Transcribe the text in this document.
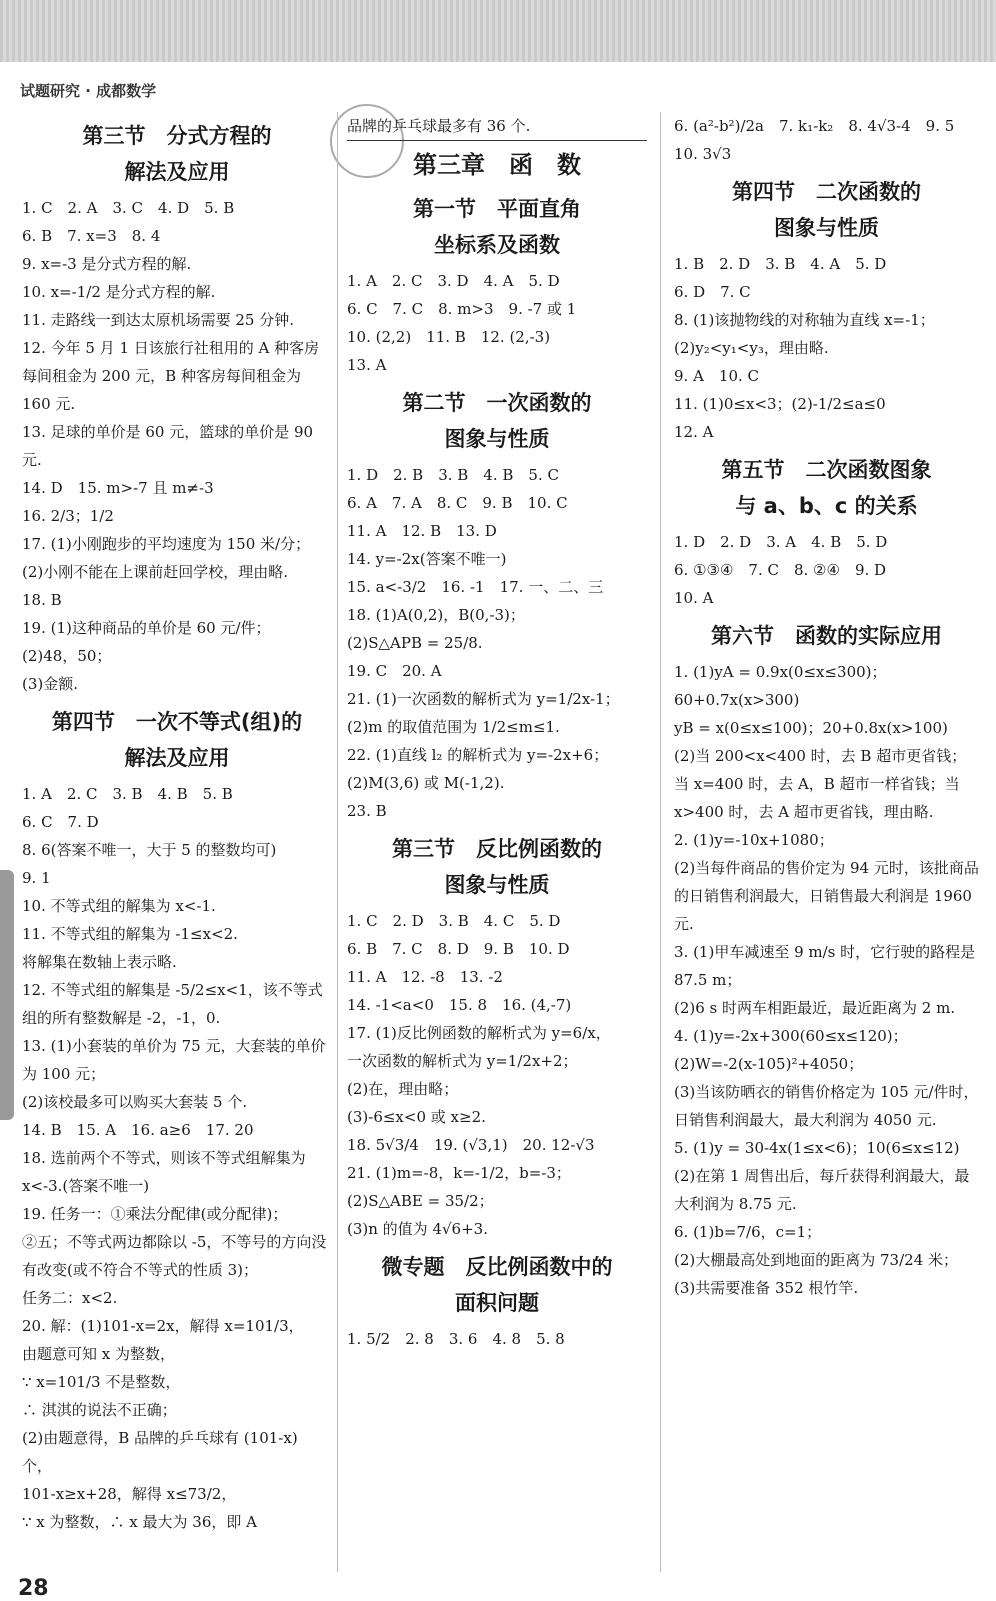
试题研究 · 成都数学
第三节　分式方程的
解法及应用
1. C　2. A　3. C　4. D　5. B
6. B　7. x=3　8. 4
9. x=-3 是分式方程的解.
10. x=-1/2 是分式方程的解.
11. 走路线一到达太原机场需要 25 分钟.
12. 今年 5 月 1 日该旅行社租用的 A 种客房每间租金为 200 元，B 种客房每间租金为 160 元.
13. 足球的单价是 60 元，篮球的单价是 90 元.
14. D　15. m>-7 且 m≠-3
16. 2/3；1/2
17. (1)小刚跑步的平均速度为 150 米/分；
(2)小刚不能在上课前赶回学校，理由略.
18. B
19. (1)这种商品的单价是 60 元/件；
(2)48，50；
(3)金额.
第四节　一次不等式(组)的
解法及应用
1. A　2. C　3. B　4. B　5. B
6. C　7. D
8. 6(答案不唯一，大于 5 的整数均可)
9. 1
10. 不等式组的解集为 x<-1.
11. 不等式组的解集为 -1≤x<2.
将解集在数轴上表示略.
12. 不等式组的解集是 -5/2≤x<1，该不等式组的所有整数解是 -2，-1，0.
13. (1)小套装的单价为 75 元，大套装的单价为 100 元；
(2)该校最多可以购买大套装 5 个.
14. B　15. A　16. a≥6　17. 20
18. 选前两个不等式，则该不等式组解集为 x<-3.(答案不唯一)
19. 任务一：①乘法分配律(或分配律)；
②五；不等式两边都除以 -5，不等号的方向没有改变(或不符合不等式的性质 3)；
任务二：x<2.
20. 解：(1)101-x=2x，解得 x=101/3，
由题意可知 x 为整数，
∵ x=101/3 不是整数，
∴ 淇淇的说法不正确；
(2)由题意得，B 品牌的乒乓球有 (101-x) 个，
101-x≥x+28，解得 x≤73/2，
∵ x 为整数，∴ x 最大为 36，即 A
品牌的乒乓球最多有 36 个.
第三章　函　数
第一节　平面直角
坐标系及函数
1. A　2. C　3. D　4. A　5. D
6. C　7. C　8. m>3　9. -7 或 1
10. (2,2)　11. B　12. (2,-3)
13. A
第二节　一次函数的
图象与性质
1. D　2. B　3. B　4. B　5. C
6. A　7. A　8. C　9. B　10. C
11. A　12. B　13. D
14. y=-2x(答案不唯一)
15. a<-3/2　16. -1　17. 一、二、三
18. (1)A(0,2)，B(0,-3)；
(2)S△APB = 25/8.
19. C　20. A
21. (1)一次函数的解析式为 y=1/2x-1；
(2)m 的取值范围为 1/2≤m≤1.
22. (1)直线 l₂ 的解析式为 y=-2x+6；
(2)M(3,6) 或 M(-1,2).
23. B
第三节　反比例函数的
图象与性质
1. C　2. D　3. B　4. C　5. D
6. B　7. C　8. D　9. B　10. D
11. A　12. -8　13. -2
14. -1<a<0　15. 8　16. (4,-7)
17. (1)反比例函数的解析式为 y=6/x，
一次函数的解析式为 y=1/2x+2；
(2)在，理由略；
(3)-6≤x<0 或 x≥2.
18. 5√3/4　19. (√3,1)　20. 12-√3
21. (1)m=-8，k=-1/2，b=-3；
(2)S△ABE = 35/2；
(3)n 的值为 4√6+3.
微专题　反比例函数中的
面积问题
1. 5/2　2. 8　3. 6　4. 8　5. 8
6. (a²-b²)/2a　7. k₁-k₂　8. 4√3-4　9. 5
10. 3√3
第四节　二次函数的
图象与性质
1. B　2. D　3. B　4. A　5. D
6. D　7. C
8. (1)该抛物线的对称轴为直线 x=-1；
(2)y₂<y₁<y₃，理由略.
9. A　10. C
11. (1)0≤x<3；(2)-1/2≤a≤0
12. A
第五节　二次函数图象
与 a、b、c 的关系
1. D　2. D　3. A　4. B　5. D
6. ①③④　7. C　8. ②④　9. D
10. A
第六节　函数的实际应用
1. (1)yA = 0.9x(0≤x≤300)；60+0.7x(x>300)
yB = x(0≤x≤100)；20+0.8x(x>100)
(2)当 200<x<400 时，去 B 超市更省钱；当 x=400 时，去 A，B 超市一样省钱；当 x>400 时，去 A 超市更省钱，理由略.
2. (1)y=-10x+1080；
(2)当每件商品的售价定为 94 元时，该批商品的日销售利润最大，日销售最大利润是 1960 元.
3. (1)甲车减速至 9 m/s 时，它行驶的路程是 87.5 m；
(2)6 s 时两车相距最近，最近距离为 2 m.
4. (1)y=-2x+300(60≤x≤120)；
(2)W=-2(x-105)²+4050；
(3)当该防晒衣的销售价格定为 105 元/件时，日销售利润最大，最大利润为 4050 元.
5. (1)y = 30-4x(1≤x<6)；10(6≤x≤12)
(2)在第 1 周售出后，每斤获得利润最大，最大利润为 8.75 元.
6. (1)b=7/6，c=1；
(2)大棚最高处到地面的距离为 73/24 米；
(3)共需要准备 352 根竹竿.
28
